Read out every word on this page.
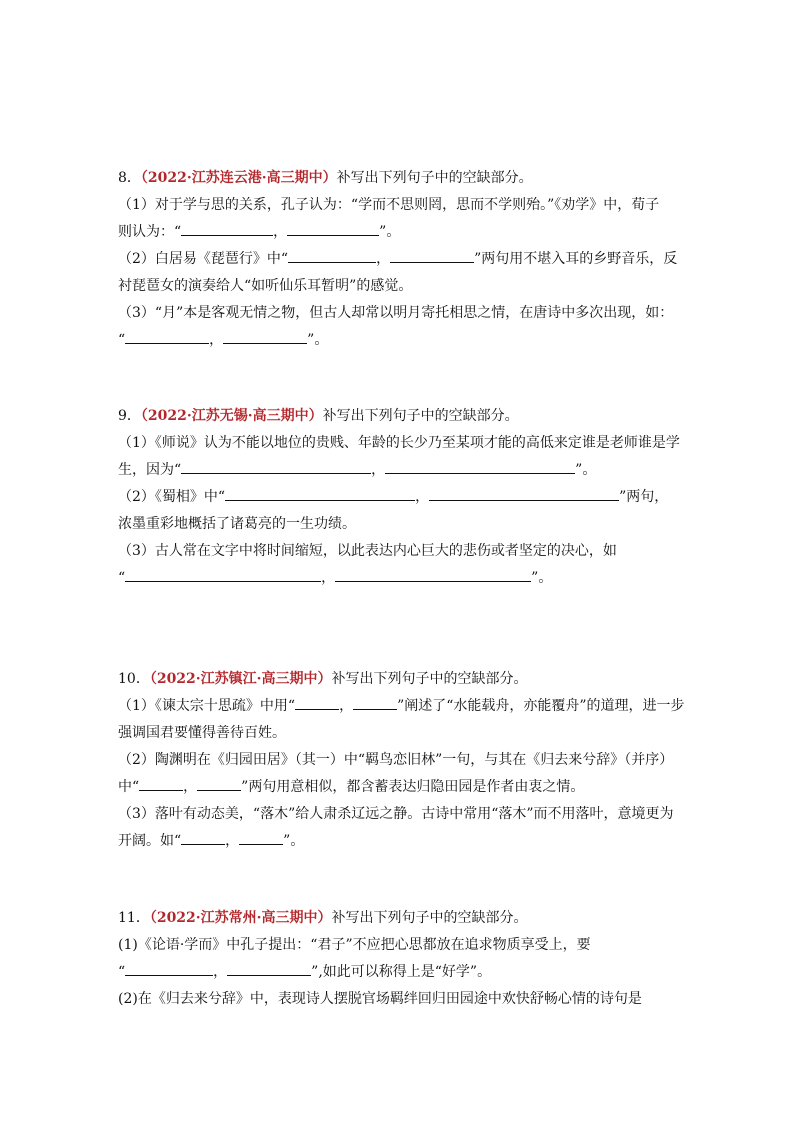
8．（2022·江苏连云港·高三期中）补写出下列句子中的空缺部分。
（1）对于学与思的关系，孔子认为：“学而不思则罔，思而不学则殆。”《劝学》中，荀子
则认为：“	，	”。
（2）白居易《琵琶行》中“	，	”两句用不堪入耳的乡野音乐，反
衬琵琶女的演奏给人“如听仙乐耳暂明”的感觉。
（3）“月”本是客观无情之物，但古人却常以明月寄托相思之情，在唐诗中多次出现，如：
“	，	”。
9．（2022·江苏无锡·高三期中）补写出下列句子中的空缺部分。
（1）《师说》认为不能以地位的贵贱、年龄的长少乃至某项才能的高低来定谁是老师谁是学
生，因为“	，	”。
（2）《蜀相》中“	，	”两句，
浓墨重彩地概括了诸葛亮的一生功绩。
（3）古人常在文字中将时间缩短，以此表达内心巨大的悲伤或者坚定的决心，如
“	，	”。
10．（2022·江苏镇江·高三期中）补写出下列句子中的空缺部分。
（1）《谏太宗十思疏》中用“	，	”阐述了“水能载舟，亦能覆舟”的道理，进一步
强调国君要懂得善待百姓。
（2）陶渊明在《归园田居》（其一）中“羁鸟恋旧林”一句，与其在《归去来兮辞》（并序）
中“	，	”两句用意相似，都含蓄表达归隐田园是作者由衷之情。
（3）落叶有动态美，“落木”给人肃杀辽远之静。古诗中常用“落木”而不用落叶，意境更为
开阔。如“	，	”。
11．（2022·江苏常州·高三期中）补写出下列句子中的空缺部分。
(1)《论语·学而》中孔子提出：“君子”不应把心思都放在追求物质享受上，要
“	，	”,如此可以称得上是“好学”。
(2)在《归去来兮辞》中，表现诗人摆脱官场羁绊回归田园途中欢快舒畅心情的诗句是
